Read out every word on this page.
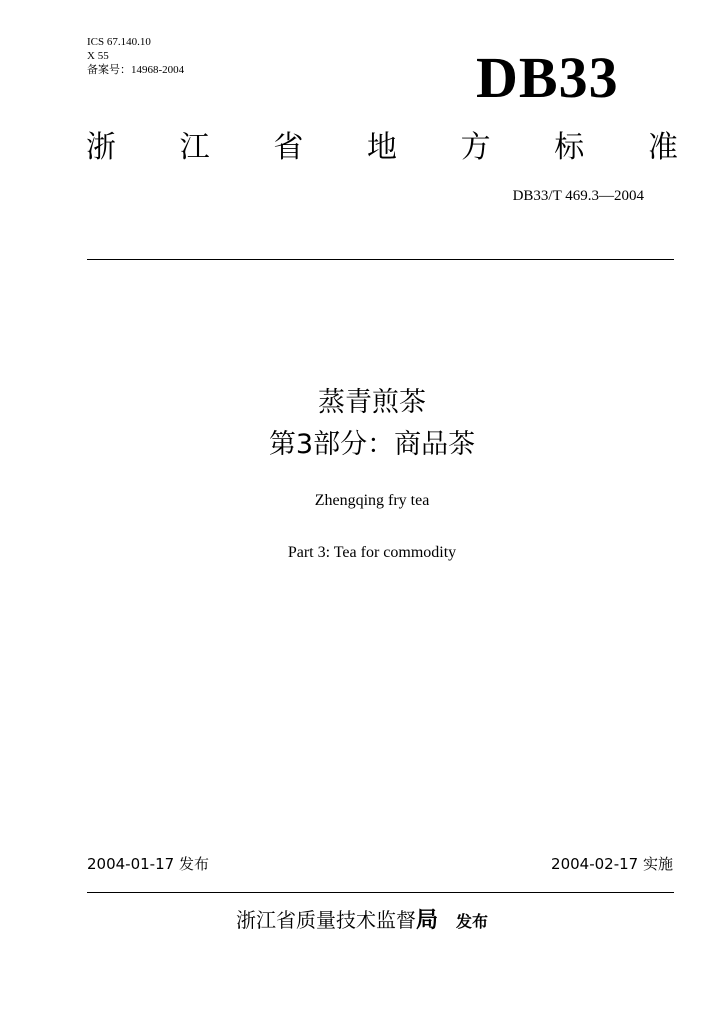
ICS 67.140.10
X 55
备案号：14968-2004	DB33
浙 江 省 地 方 标 准
DB33/T 469.3—2004
蒸青煎茶
第3部分：商品茶
Zhengqing fry tea
Part 3: Tea for commodity
2004-01-17 发布	2004-02-17 实施
浙江省质量技术监督局 发布
